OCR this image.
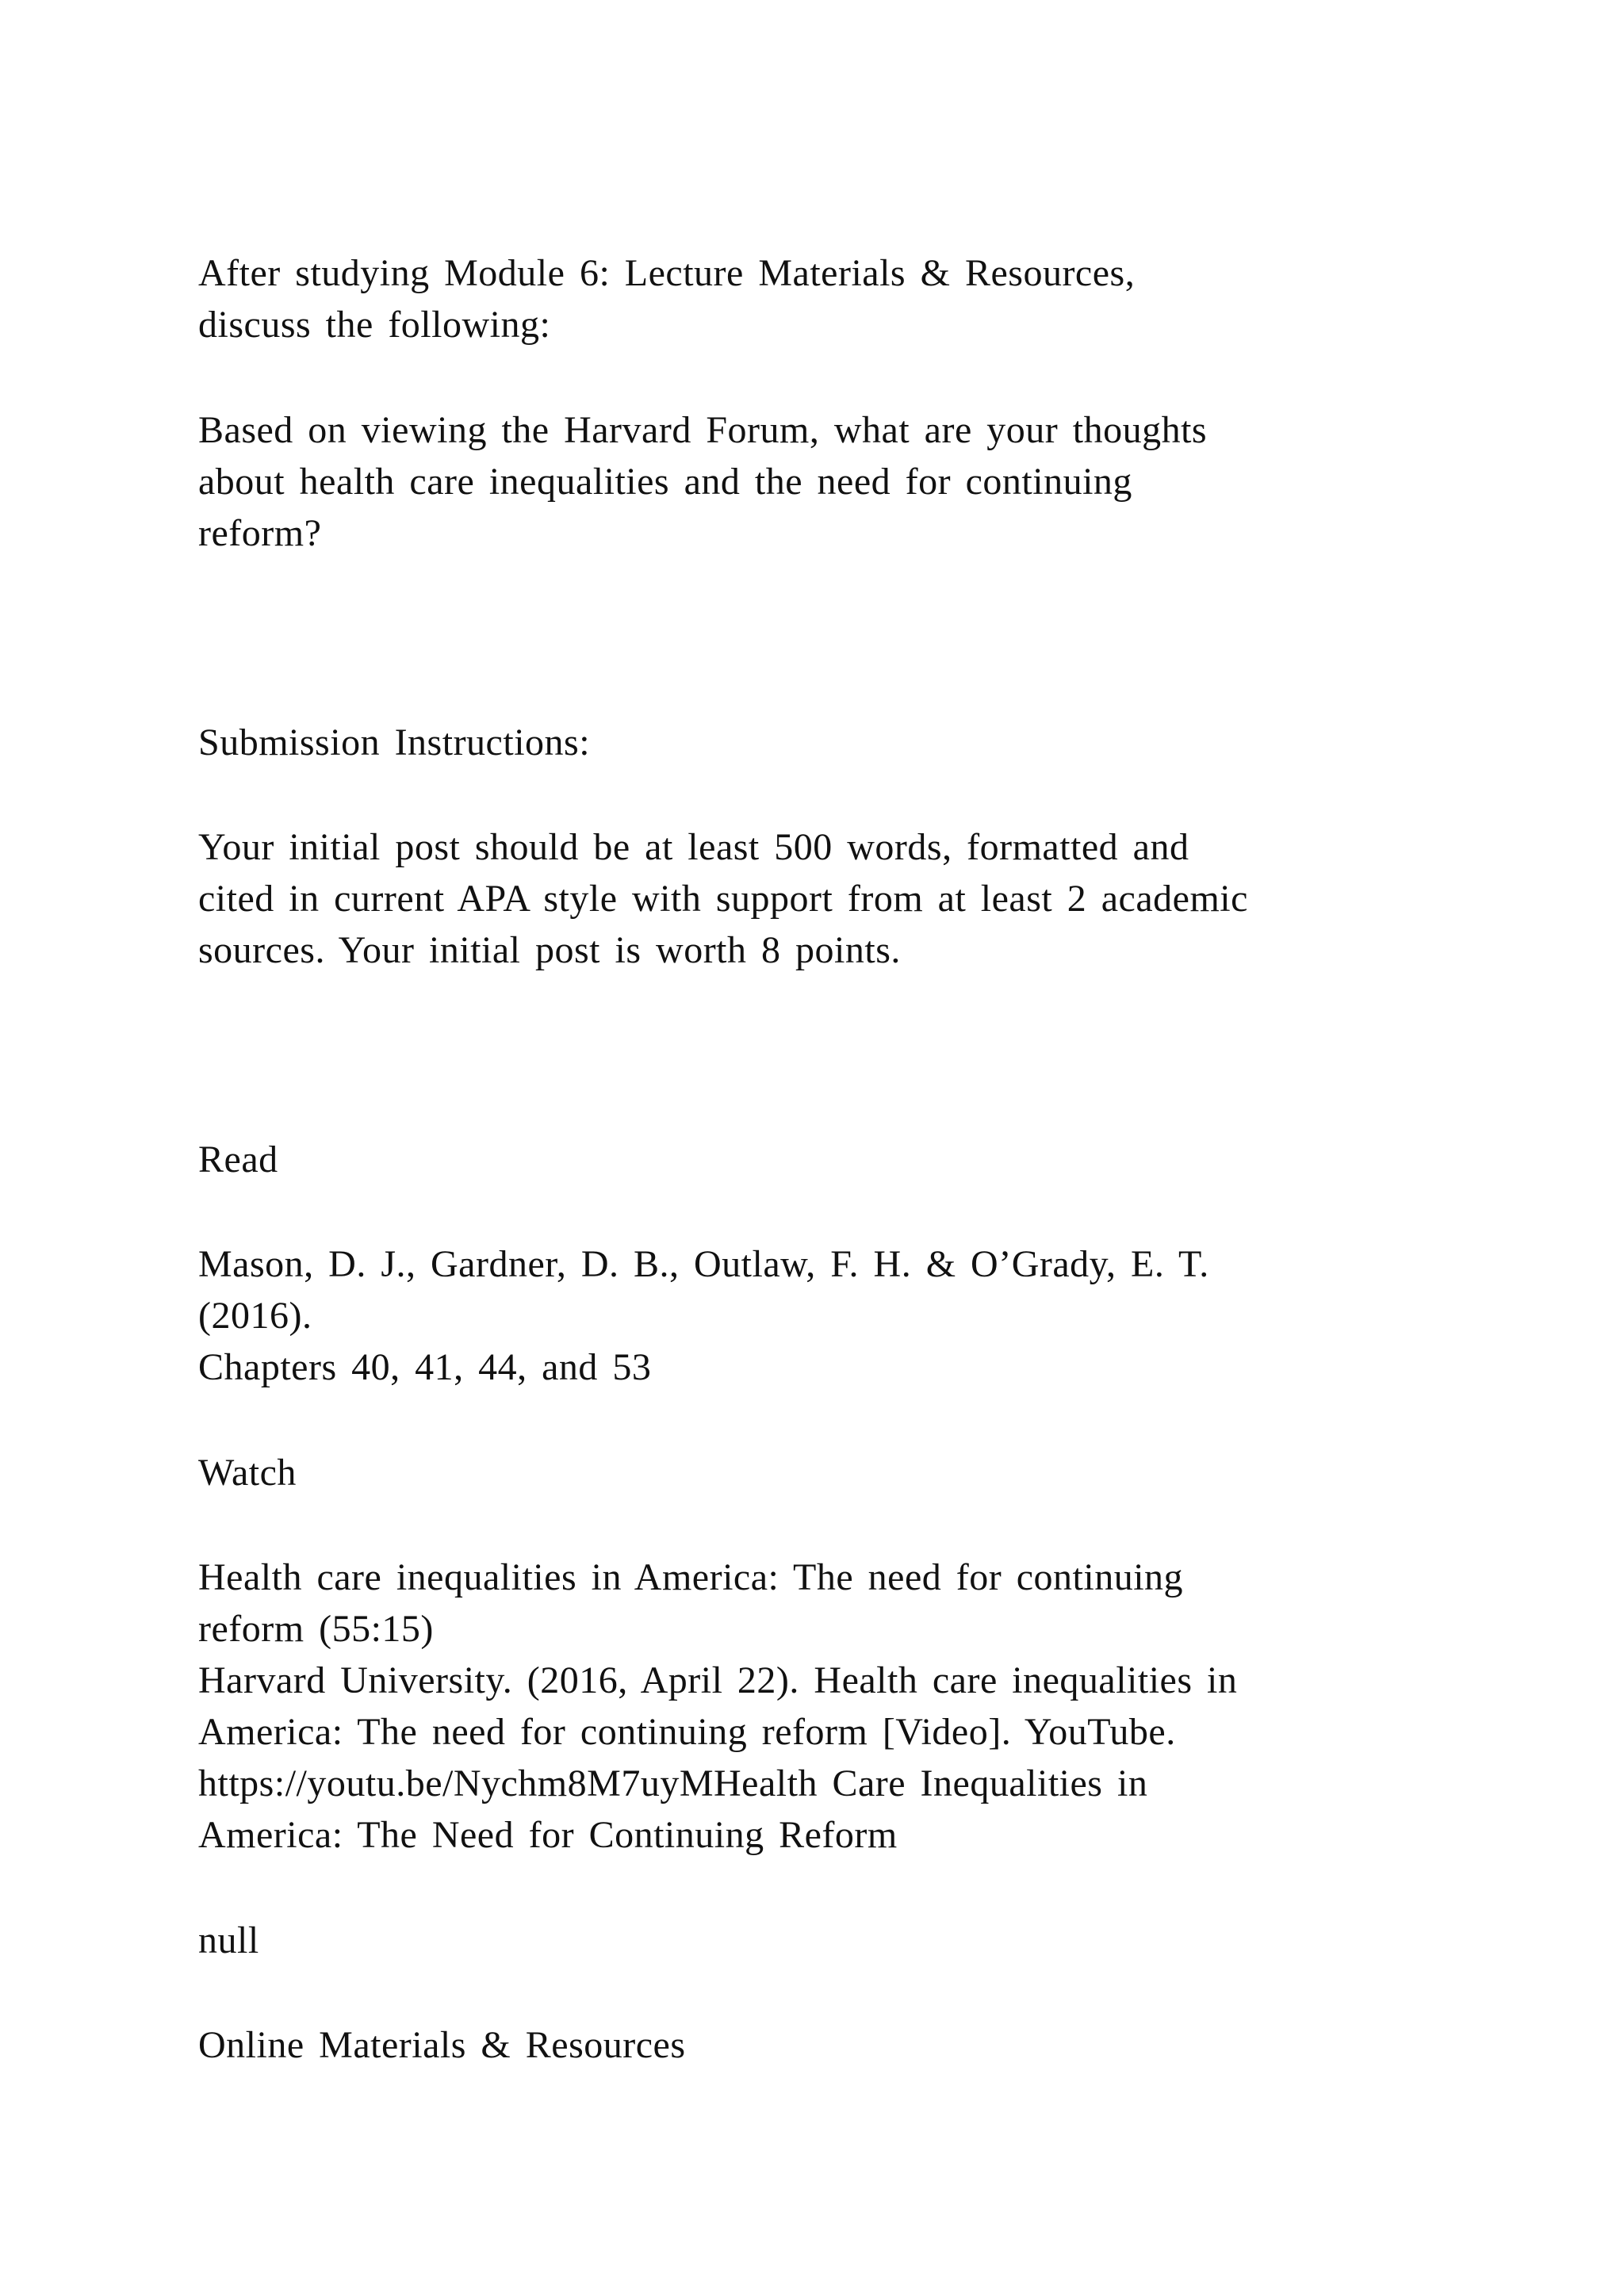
After studying Module 6: Lecture Materials & Resources,
discuss the following:
Based on viewing the Harvard Forum, what are your thoughts
about health care inequalities and the need for continuing
reform?
Submission Instructions:
Your initial post should be at least 500 words, formatted and
cited in current APA style with support from at least 2 academic
sources. Your initial post is worth 8 points.
Read
Mason, D. J., Gardner, D. B., Outlaw, F. H. & O’Grady, E. T.
(2016).
Chapters 40, 41, 44, and 53
Watch
Health care inequalities in America: The need for continuing
reform (55:15)
Harvard University. (2016, April 22). Health care inequalities in
America: The need for continuing reform [Video]. YouTube.
https://youtu.be/Nychm8M7uyMHealth Care Inequalities in
America: The Need for Continuing Reform
null
Online Materials & Resources
